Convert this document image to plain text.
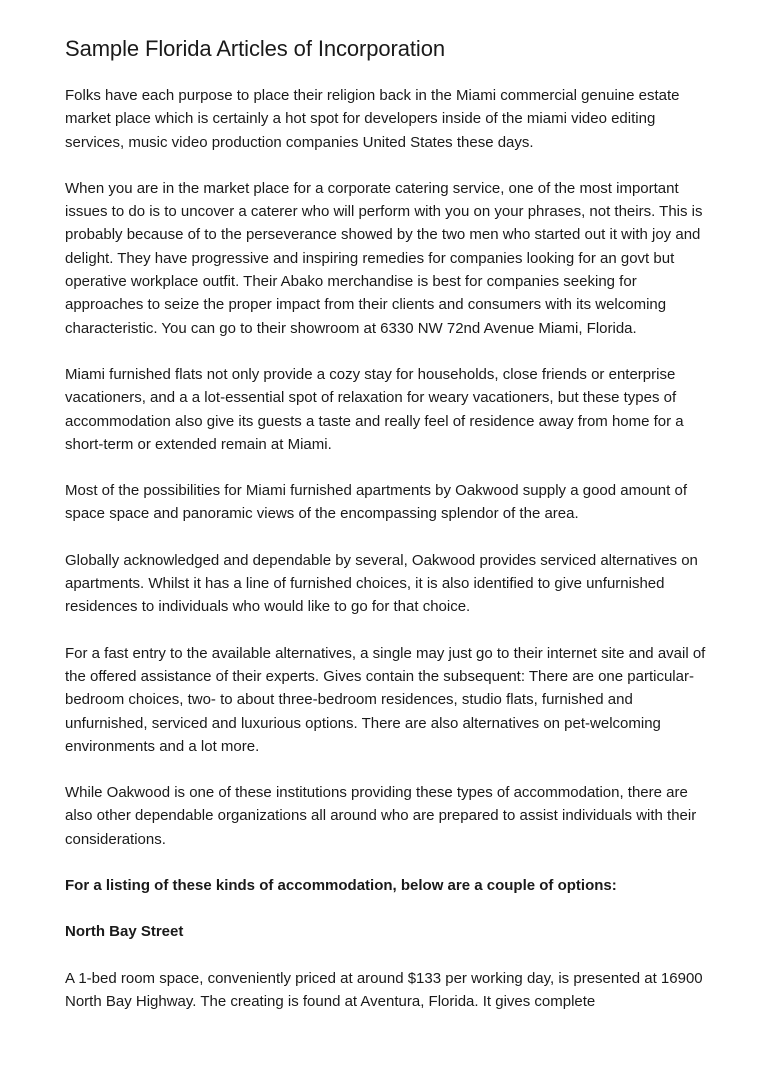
Sample Florida Articles of Incorporation

Folks have each purpose to place their religion back in the Miami commercial genuine estate market place which is certainly a hot spot for developers inside of the miami video editing services, music video production companies United States these days.

When you are in the market place for a corporate catering service, one of the most important issues to do is to uncover a caterer who will perform with you on your phrases, not theirs. This is probably because of to the perseverance showed by the two men who started out it with joy and delight. They have progressive and inspiring remedies for companies looking for an govt but operative workplace outfit. Their Abako merchandise is best for companies seeking for approaches to seize the proper impact from their clients and consumers with its welcoming characteristic. You can go to their showroom at 6330 NW 72nd Avenue Miami, Florida.

Miami furnished flats not only provide a cozy stay for households, close friends or enterprise vacationers, and a a lot-essential spot of relaxation for weary vacationers, but these types of accommodation also give its guests a taste and really feel of residence away from home for a short-term or extended remain at Miami.

Most of the possibilities for Miami furnished apartments by Oakwood supply a good amount of space space and panoramic views of the encompassing splendor of the area.

Globally acknowledged and dependable by several, Oakwood provides serviced alternatives on apartments. Whilst it has a line of furnished choices, it is also identified to give unfurnished residences to individuals who would like to go for that choice.

For a fast entry to the available alternatives, a single may just go to their internet site and avail of the offered assistance of their experts. Gives contain the subsequent: There are one particular-bedroom choices, two- to about three-bedroom residences, studio flats, furnished and unfurnished, serviced and luxurious options. There are also alternatives on pet-welcoming environments and a lot more.

While Oakwood is one of these institutions providing these types of accommodation, there are also other dependable organizations all around who are prepared to assist individuals with their considerations.

For a listing of these kinds of accommodation, below are a couple of options:

North Bay Street

A 1-bed room space, conveniently priced at around $133 per working day, is presented at 16900 North Bay Highway. The creating is found at Aventura, Florida. It gives complete
